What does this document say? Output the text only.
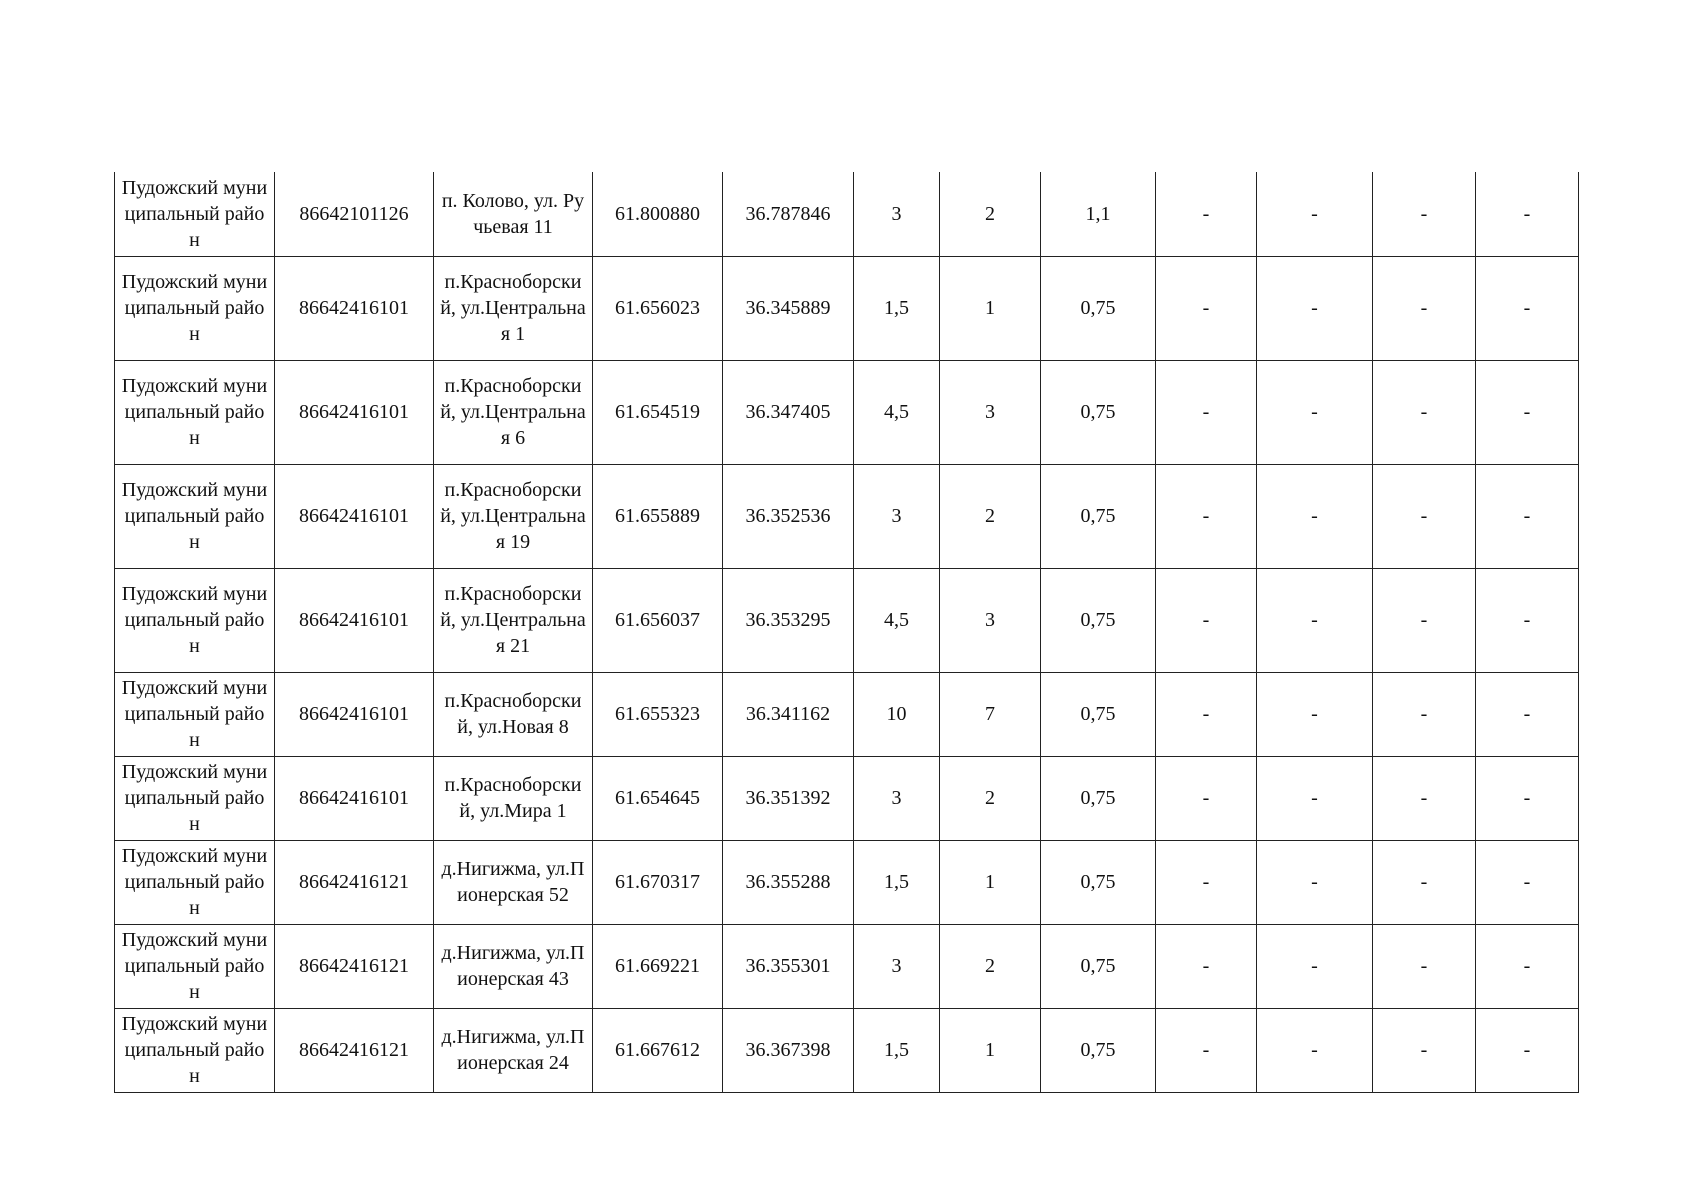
Пудожский муниципальный район	86642101126	п. Колово, ул. Ручьевая 11	61.800880	36.787846	3	2	1,1	-	-	-	-
Пудожский муниципальный район	86642416101	п.Красноборский, ул.Центральная 1	61.656023	36.345889	1,5	1	0,75	-	-	-	-
Пудожский муниципальный район	86642416101	п.Красноборский, ул.Центральная 6	61.654519	36.347405	4,5	3	0,75	-	-	-	-
Пудожский муниципальный район	86642416101	п.Красноборский, ул.Центральная 19	61.655889	36.352536	3	2	0,75	-	-	-	-
Пудожский муниципальный район	86642416101	п.Красноборский, ул.Центральная 21	61.656037	36.353295	4,5	3	0,75	-	-	-	-
Пудожский муниципальный район	86642416101	п.Красноборский, ул.Новая 8	61.655323	36.341162	10	7	0,75	-	-	-	-
Пудожский муниципальный район	86642416101	п.Красноборский, ул.Мира 1	61.654645	36.351392	3	2	0,75	-	-	-	-
Пудожский муниципальный район	86642416121	д.Нигижма, ул.Пионерская 52	61.670317	36.355288	1,5	1	0,75	-	-	-	-
Пудожский муниципальный район	86642416121	д.Нигижма, ул.Пионерская 43	61.669221	36.355301	3	2	0,75	-	-	-	-
Пудожский муниципальный район	86642416121	д.Нигижма, ул.Пионерская 24	61.667612	36.367398	1,5	1	0,75	-	-	-	-
